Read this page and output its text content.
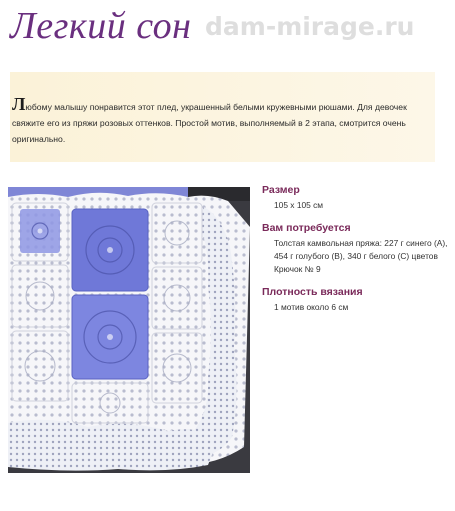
Легкий сон dam-mirage.ru
Любому малышу понравится этот плед, украшенный белыми кружевными рюшами. Для девочек свяжите его из пряжи розовых оттенков. Простой мотив, выполняемый в 2 этапа, смотрится очень оригинально.
Размер
105 х 105 см
Вам потребуется
Толстая камвольная пряжа: 227 г синего (А), 454 г голубого (В), 340 г белого (С) цветов
Крючок № 9
Плотность вязания
1 мотив около 6 см
